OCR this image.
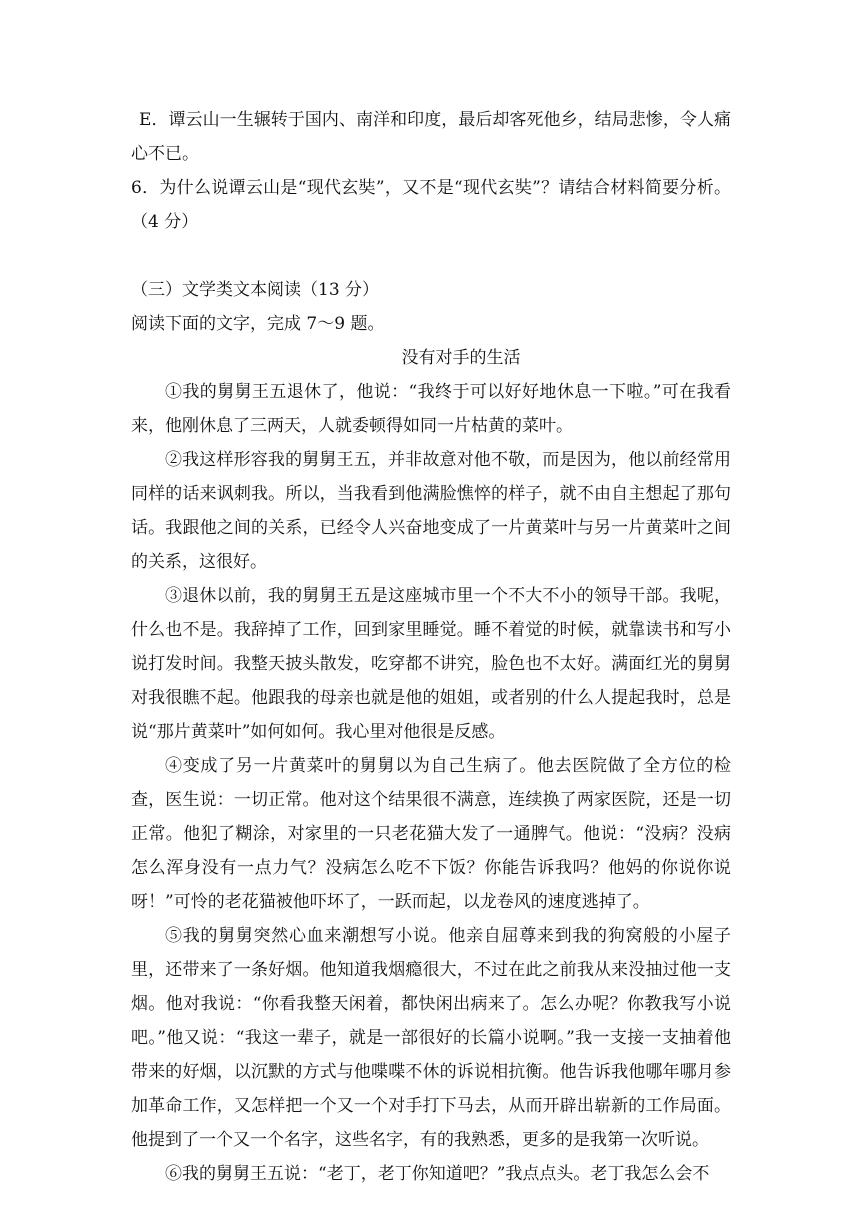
E．谭云山一生辗转于国内、南洋和印度，最后却客死他乡，结局悲惨，令人痛心不已。

6．为什么说谭云山是“现代玄奘”，又不是“现代玄奘”？请结合材料简要分析。（4 分）

（三）文学类文本阅读（13 分）

阅读下面的文字，完成 7～9 题。

没有对手的生活

①我的舅舅王五退休了，他说：“我终于可以好好地休息一下啦。”可在我看来，他刚休息了三两天，人就委顿得如同一片枯黄的菜叶。

②我这样形容我的舅舅王五，并非故意对他不敬，而是因为，他以前经常用同样的话来讽刺我。所以，当我看到他满脸憔悴的样子，就不由自主想起了那句话。我跟他之间的关系，已经令人兴奋地变成了一片黄菜叶与另一片黄菜叶之间的关系，这很好。

③退休以前，我的舅舅王五是这座城市里一个不大不小的领导干部。我呢，什么也不是。我辞掉了工作，回到家里睡觉。睡不着觉的时候，就靠读书和写小说打发时间。我整天披头散发，吃穿都不讲究，脸色也不太好。满面红光的舅舅对我很瞧不起。他跟我的母亲也就是他的姐姐，或者别的什么人提起我时，总是说“那片黄菜叶”如何如何。我心里对他很是反感。

④变成了另一片黄菜叶的舅舅以为自己生病了。他去医院做了全方位的检查，医生说：一切正常。他对这个结果很不满意，连续换了两家医院，还是一切正常。他犯了糊涂，对家里的一只老花猫大发了一通脾气。他说：“没病？没病怎么浑身没有一点力气？没病怎么吃不下饭？你能告诉我吗？他妈的你说你说呀！”可怜的老花猫被他吓坏了，一跃而起，以龙卷风的速度逃掉了。

⑤我的舅舅突然心血来潮想写小说。他亲自屈尊来到我的狗窝般的小屋子里，还带来了一条好烟。他知道我烟瘾很大，不过在此之前我从来没抽过他一支烟。他对我说：“你看我整天闲着，都快闲出病来了。怎么办呢？你教我写小说吧。”他又说：“我这一辈子，就是一部很好的长篇小说啊。”我一支接一支抽着他带来的好烟，以沉默的方式与他喋喋不休的诉说相抗衡。他告诉我他哪年哪月参加革命工作，又怎样把一个又一个对手打下马去，从而开辟出崭新的工作局面。他提到了一个又一个名字，这些名字，有的我熟悉，更多的是我第一次听说。

⑥我的舅舅王五说：“老丁，老丁你知道吧？”我点点头。老丁我怎么会不
